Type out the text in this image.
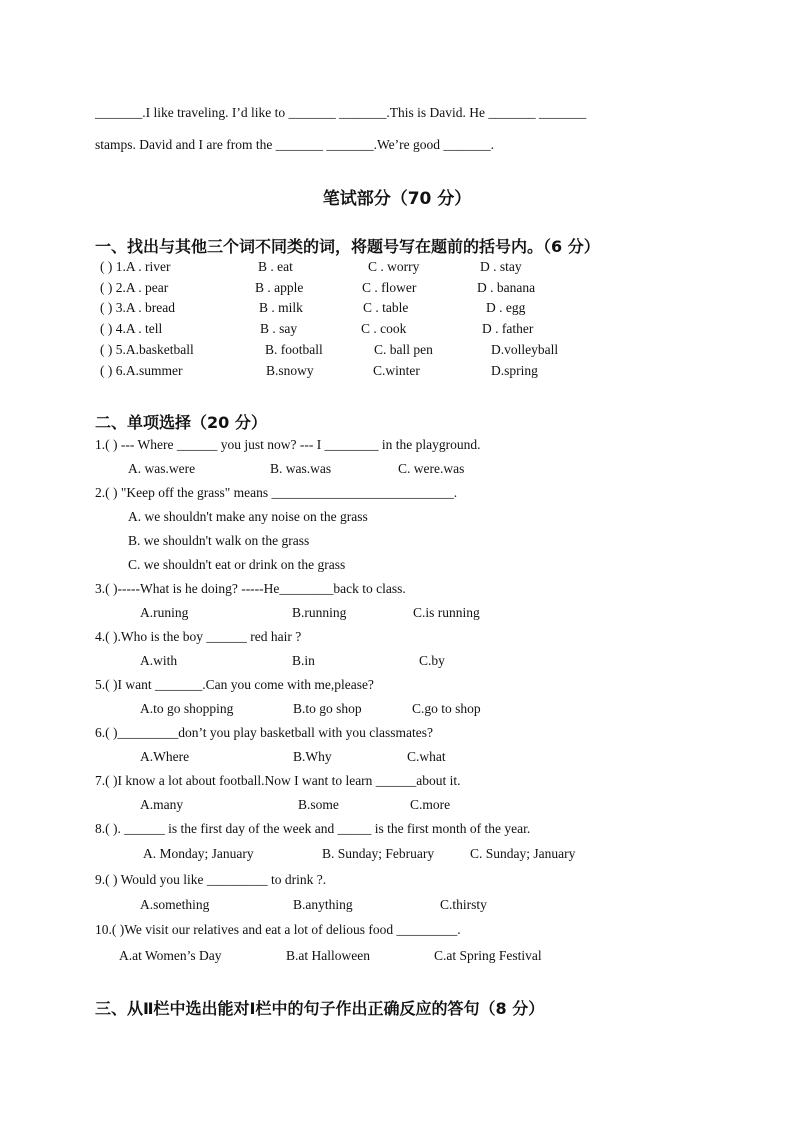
_______.I like traveling. I’d like to _______ _______.This is David. He _______ _______
stamps. David and I are from the _______ _______.We’re good _______.
笔试部分（70 分）
一、找出与其他三个词不同类的词，将题号写在题前的括号内。（6 分）
( ) 1.A . river	B . eat	C . worry	D . stay
( ) 2.A . pear	B . apple	C . flower	D . banana
( ) 3.A . bread	B . milk	C . table	D . egg
( ) 4.A . tell	B . say	C . cook	D . father
( ) 5.A.basketball	B. football	C. ball pen	D.volleyball
( ) 6.A.summer	B.snowy	C.winter	D.spring
二、单项选择（20 分）
1.( ) --- Where ______ you just now? --- I ________ in the playground.
A. was.were	B. was.was	C. were.was
2.( ) "Keep off the grass" means ___________________________.
A. we shouldn't make any noise on the grass
B. we shouldn't walk on the grass
C. we shouldn't eat or drink on the grass
3.( )-----What is he doing? -----He________back to class.
A.runing	B.running	C.is running
4.( ).Who is the boy ______ red hair ?
A.with	B.in	C.by
5.( )I want _______.Can you come with me,please?
A.to go shopping	B.to go shop	C.go to shop
6.( )_________don’t you play basketball with you classmates?
A.Where	B.Why	C.what
7.( )I know a lot about football.Now I want to learn ______about it.
A.many	B.some	C.more
8.( ). ______ is the first day of the week and _____ is the first month of the year.
A. Monday; January	B. Sunday; February	C. Sunday; January
9.( ) Would you like _________ to drink ?.
A.something	B.anything	C.thirsty
10.( )We visit our relatives and eat a lot of delious food _________.
A.at Women’s Day	B.at Halloween	C.at Spring Festival
三、从Ⅱ栏中选出能对Ⅰ栏中的句子作出正确反应的答句（8 分）
